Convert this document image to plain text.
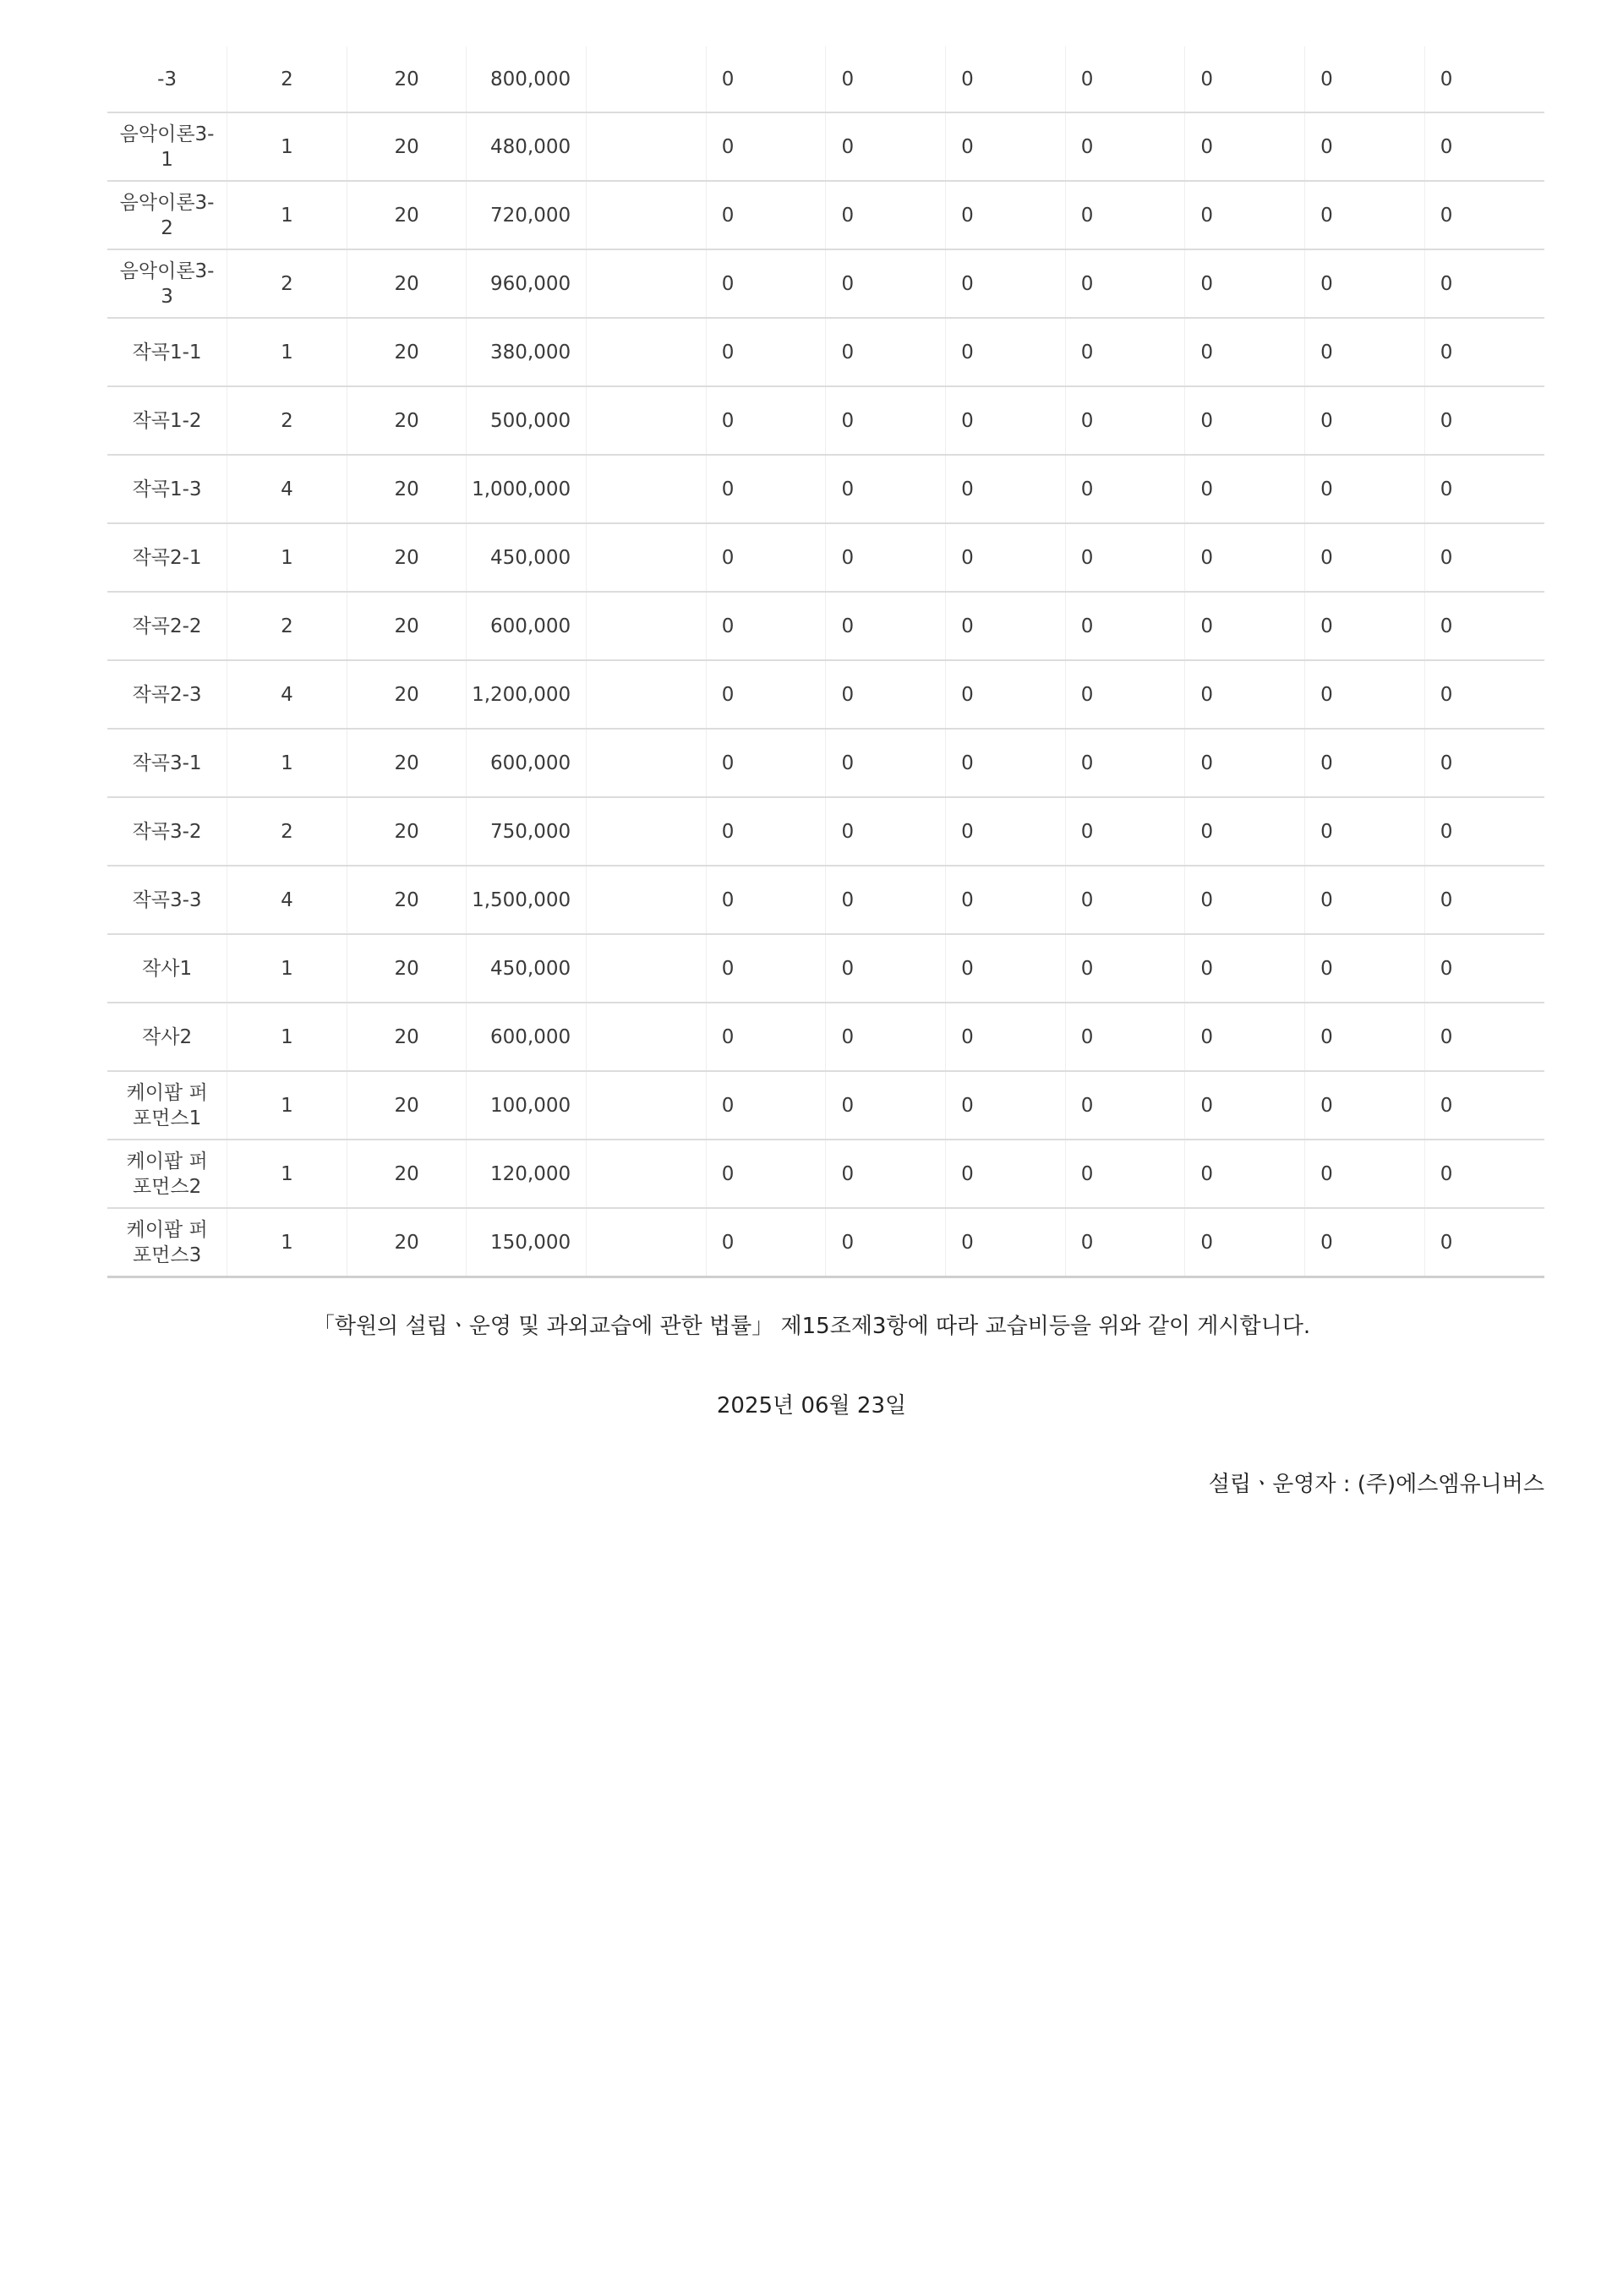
-3	2	20	800,000		0	0	0	0	0	0	0
음악이론3-1	1	20	480,000		0	0	0	0	0	0	0
음악이론3-2	1	20	720,000		0	0	0	0	0	0	0
음악이론3-3	2	20	960,000		0	0	0	0	0	0	0
작곡1-1	1	20	380,000		0	0	0	0	0	0	0
작곡1-2	2	20	500,000		0	0	0	0	0	0	0
작곡1-3	4	20	1,000,000		0	0	0	0	0	0	0
작곡2-1	1	20	450,000		0	0	0	0	0	0	0
작곡2-2	2	20	600,000		0	0	0	0	0	0	0
작곡2-3	4	20	1,200,000		0	0	0	0	0	0	0
작곡3-1	1	20	600,000		0	0	0	0	0	0	0
작곡3-2	2	20	750,000		0	0	0	0	0	0	0
작곡3-3	4	20	1,500,000		0	0	0	0	0	0	0
작사1	1	20	450,000		0	0	0	0	0	0	0
작사2	1	20	600,000		0	0	0	0	0	0	0
케이팝 퍼포먼스1	1	20	100,000		0	0	0	0	0	0	0
케이팝 퍼포먼스2	1	20	120,000		0	0	0	0	0	0	0
케이팝 퍼포먼스3	1	20	150,000		0	0	0	0	0	0	0
「학원의 설립ㆍ운영 및 과외교습에 관한 법률」 제15조제3항에 따라 교습비등을 위와 같이 게시합니다.
2025년 06월 23일
설립ㆍ운영자 : (주)에스엠유니버스
